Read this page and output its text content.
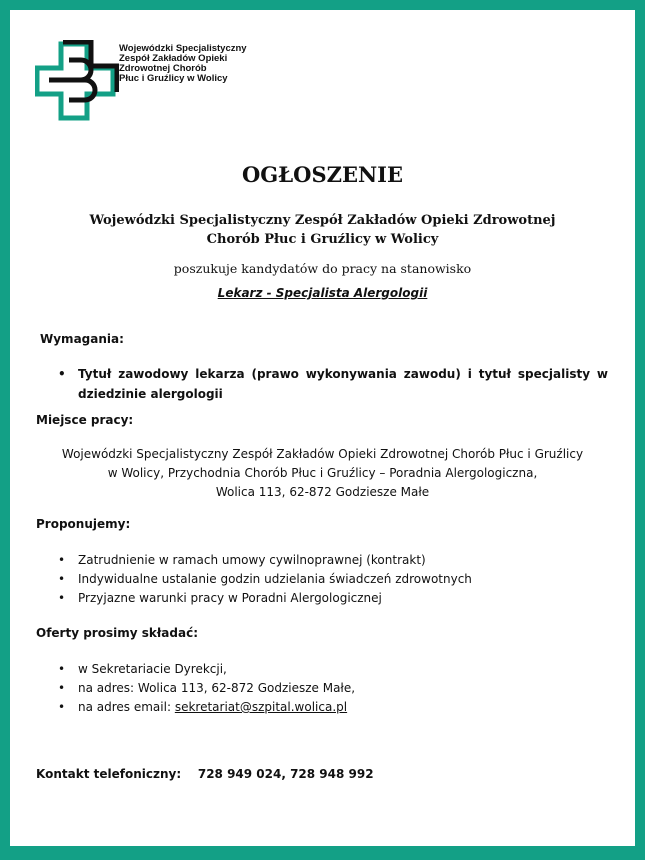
Wojewódzki Specjalistyczny
Zespół Zakładów Opieki
Zdrowotnej Chorób
Płuc i Gruźlicy w Wolicy
OGŁOSZENIE
Wojewódzki Specjalistyczny Zespół Zakładów Opieki Zdrowotnej
Chorób Płuc i Gruźlicy w Wolicy
poszukuje kandydatów do pracy na stanowisko
Lekarz - Specjalista Alergologii
Wymagania:
• Tytuł zawodowy lekarza (prawo wykonywania zawodu) i tytuł specjalisty w dziedzinie alergologii
Miejsce pracy:
Wojewódzki Specjalistyczny Zespół Zakładów Opieki Zdrowotnej Chorób Płuc i Gruźlicy
w Wolicy, Przychodnia Chorób Płuc i Gruźlicy – Poradnia Alergologiczna,
Wolica 113, 62-872 Godziesze Małe
Proponujemy:
• Zatrudnienie w ramach umowy cywilnoprawnej (kontrakt)
• Indywidualne ustalanie godzin udzielania świadczeń zdrowotnych
• Przyjazne warunki pracy w Poradni Alergologicznej
Oferty prosimy składać:
• w Sekretariacie Dyrekcji,
• na adres: Wolica 113, 62-872 Godziesze Małe,
• na adres email: sekretariat@szpital.wolica.pl
Kontakt telefoniczny: 728 949 024, 728 948 992
